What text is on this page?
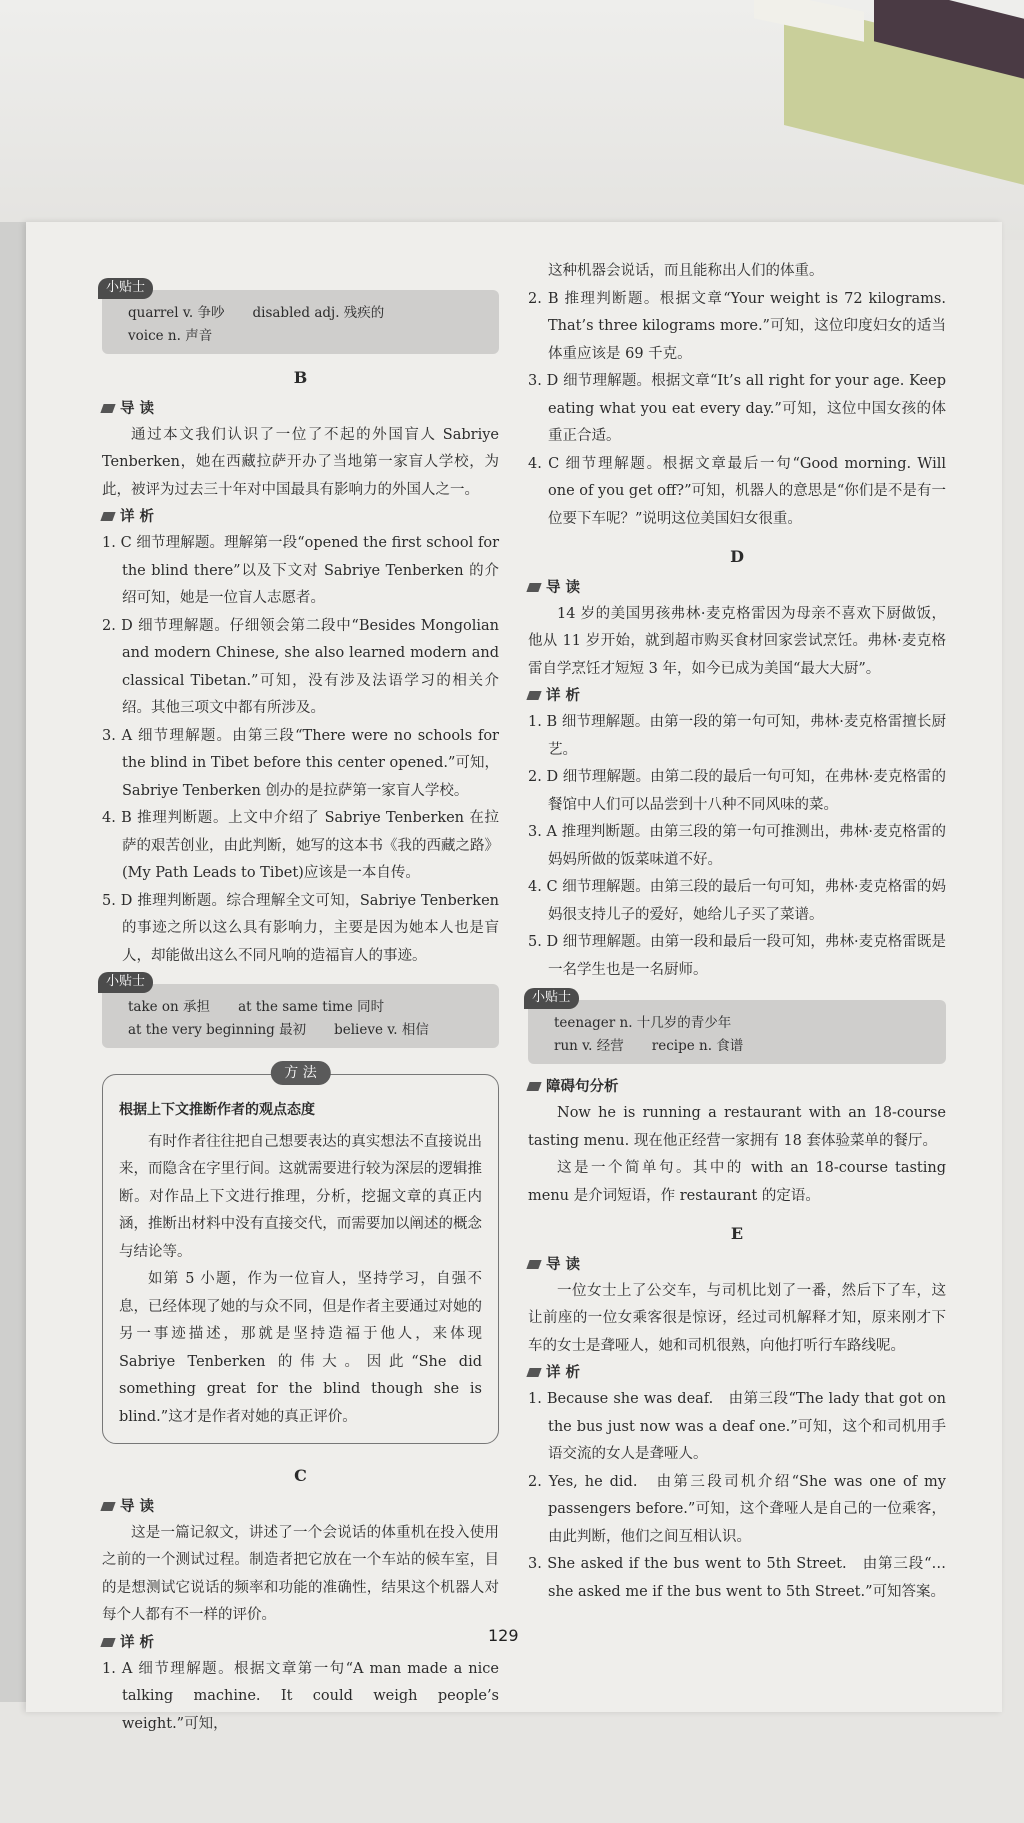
小贴士
quarrel v. 争吵 disabled adj. 残疾的
voice n. 声音
B

导 读

通过本文我们认识了一位了不起的外国盲人 Sabriye Tenberken，她在西藏拉萨开办了当地第一家盲人学校，为此，被评为过去三十年对中国最具有影响力的外国人之一。

详 析

1. C 细节理解题。理解第一段“opened the first school for the blind there”以及下文对 Sabriye Tenberken 的介绍可知，她是一位盲人志愿者。

2. D 细节理解题。仔细领会第二段中“Besides Mongolian and modern Chinese, she also learned modern and classical Tibetan.”可知，没有涉及法语学习的相关介绍。其他三项文中都有所涉及。

3. A 细节理解题。由第三段“There were no schools for the blind in Tibet before this center opened.”可知，Sabriye Tenberken 创办的是拉萨第一家盲人学校。

4. B 推理判断题。上文中介绍了 Sabriye Tenberken 在拉萨的艰苦创业，由此判断，她写的这本书《我的西藏之路》(My Path Leads to Tibet)应该是一本自传。

5. D 推理判断题。综合理解全文可知，Sabriye Tenberken 的事迹之所以这么具有影响力，主要是因为她本人也是盲人，却能做出这么不同凡响的造福盲人的事迹。

小贴士
take on 承担 at the same time 同时
at the very beginning 最初 believe v. 相信
方 法

根据上下文推断作者的观点态度

有时作者往往把自己想要表达的真实想法不直接说出来，而隐含在字里行间。这就需要进行较为深层的逻辑推断。对作品上下文进行推理，分析，挖掘文章的真正内涵，推断出材料中没有直接交代，而需要加以阐述的概念与结论等。

如第 5 小题，作为一位盲人，坚持学习，自强不息，已经体现了她的与众不同，但是作者主要通过对她的另一事迹描述，那就是坚持造福于他人，来体现 Sabriye Tenberken 的伟大。因此“She did something great for the blind though she is blind.”这才是作者对她的真正评价。

C

导 读

这是一篇记叙文，讲述了一个会说话的体重机在投入使用之前的一个测试过程。制造者把它放在一个车站的候车室，目的是想测试它说话的频率和功能的准确性，结果这个机器人对每个人都有不一样的评价。

详 析

1. A 细节理解题。根据文章第一句“A man made a nice talking machine. It could weigh people’s weight.”可知，

这种机器会说话，而且能称出人们的体重。

2. B 推理判断题。根据文章“Your weight is 72 kilograms. That’s three kilograms more.”可知，这位印度妇女的适当体重应该是 69 千克。

3. D 细节理解题。根据文章“It’s all right for your age. Keep eating what you eat every day.”可知，这位中国女孩的体重正合适。

4. C 细节理解题。根据文章最后一句“Good morning. Will one of you get off?”可知，机器人的意思是“你们是不是有一位要下车呢？”说明这位美国妇女很重。

D

导 读

14 岁的美国男孩弗林·麦克格雷因为母亲不喜欢下厨做饭，他从 11 岁开始，就到超市购买食材回家尝试烹饪。弗林·麦克格雷自学烹饪才短短 3 年，如今已成为美国“最大大厨”。

详 析

1. B 细节理解题。由第一段的第一句可知，弗林·麦克格雷擅长厨艺。

2. D 细节理解题。由第二段的最后一句可知，在弗林·麦克格雷的餐馆中人们可以品尝到十八种不同风味的菜。

3. A 推理判断题。由第三段的第一句可推测出，弗林·麦克格雷的妈妈所做的饭菜味道不好。

4. C 细节理解题。由第三段的最后一句可知，弗林·麦克格雷的妈妈很支持儿子的爱好，她给儿子买了菜谱。

5. D 细节理解题。由第一段和最后一段可知，弗林·麦克格雷既是一名学生也是一名厨师。

小贴士
teenager n. 十几岁的青少年
run v. 经营 recipe n. 食谱

障碍句分析

Now he is running a restaurant with an 18-course tasting menu. 现在他正经营一家拥有 18 套体验菜单的餐厅。

这是一个简单句。其中的 with an 18-course tasting menu 是介词短语，作 restaurant 的定语。

E

导 读

一位女士上了公交车，与司机比划了一番，然后下了车，这让前座的一位女乘客很是惊讶，经过司机解释才知，原来刚才下车的女士是聋哑人，她和司机很熟，向他打听行车路线呢。

详 析

1. Because she was deaf.　由第三段“The lady that got on the bus just now was a deaf one.”可知，这个和司机用手语交流的女人是聋哑人。

2. Yes, he did.　由第三段司机介绍“She was one of my passengers before.”可知，这个聋哑人是自己的一位乘客，由此判断，他们之间互相认识。

3. She asked if the bus went to 5th Street.　由第三段“… she asked me if the bus went to 5th Street.”可知答案。

129
